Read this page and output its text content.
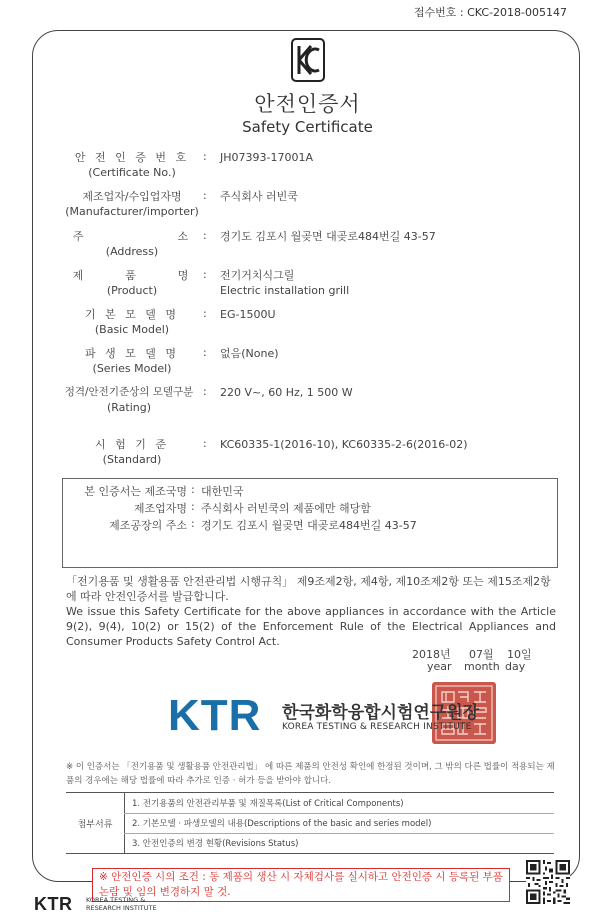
접수번호 : CKC-2018-005147
안전인증서
Safety Certificate
안 전 인 증 번 호
(Certificate No.)
: JH07393-17001A
제조업자/수입업자명
(Manufacturer/importer)
: 주식회사 러빈쿡
주              소
(Address)
: 경기도 김포시 월곶면 대곶로484번길 43-57
제      품      명
(Product)
: 전기거치식그릴
Electric installation grill
기 본 모 델 명
(Basic Model)
: EG-1500U
파 생 모 델 명
(Series Model)
: 없음(None)
정격/안전기준상의 모델구분
(Rating)
: 220 V~, 60 Hz, 1 500 W
시 험 기 준
(Standard)
: KC60335-1(2016-10), KC60335-2-6(2016-02)
본 인증서는 제조국명 : 대한민국
제조업자명 : 주식회사 러빈쿡의 제품에만 해당함
제조공장의 주소 : 경기도 김포시 월곶면 대곶로484번길 43-57
「전기용품 및 생활용품 안전관리법 시행규칙」 제9조제2항, 제4항, 제10조제2항 또는 제15조제2항에 따라 안전인증서를 발급합니다.
We issue this Safety Certificate for the above appliances in accordance with the Article 9(2), 9(4), 10(2) or 15(2) of the Enforcement Rule of the Electrical Appliances and Consumer Products Safety Control Act.
2018년 07월 10일
year month day
KTR 한국화학융합시험연구원장
KOREA TESTING & RESEARCH INSTITUTE
※ 이 인증서는 「전기용품 및 생활용품 안전관리법」 에 따른 제품의 안전성 확인에 한정된 것이며, 그 밖의 다른 법률이 적용되는 제품의 경우에는 해당 법률에 따라 추가로 인증 · 허가 등을 받아야 합니다.
첨부서류
1. 전기용품의 안전관리부품 및 재질목록(List of Critical Components)
2. 기본모델 · 파생모델의 내용(Descriptions of the basic and series model)
3. 안전인증의 변경 현황(Revisions Status)
※ 안전인증 시의 조건 : 동 제품의 생산 시 자체검사를 실시하고 안전인증 시 등록된 부품논람 및 임의 변경하지 말 것.
KTR KOREA TESTING &
RESEARCH INSTITUTE
